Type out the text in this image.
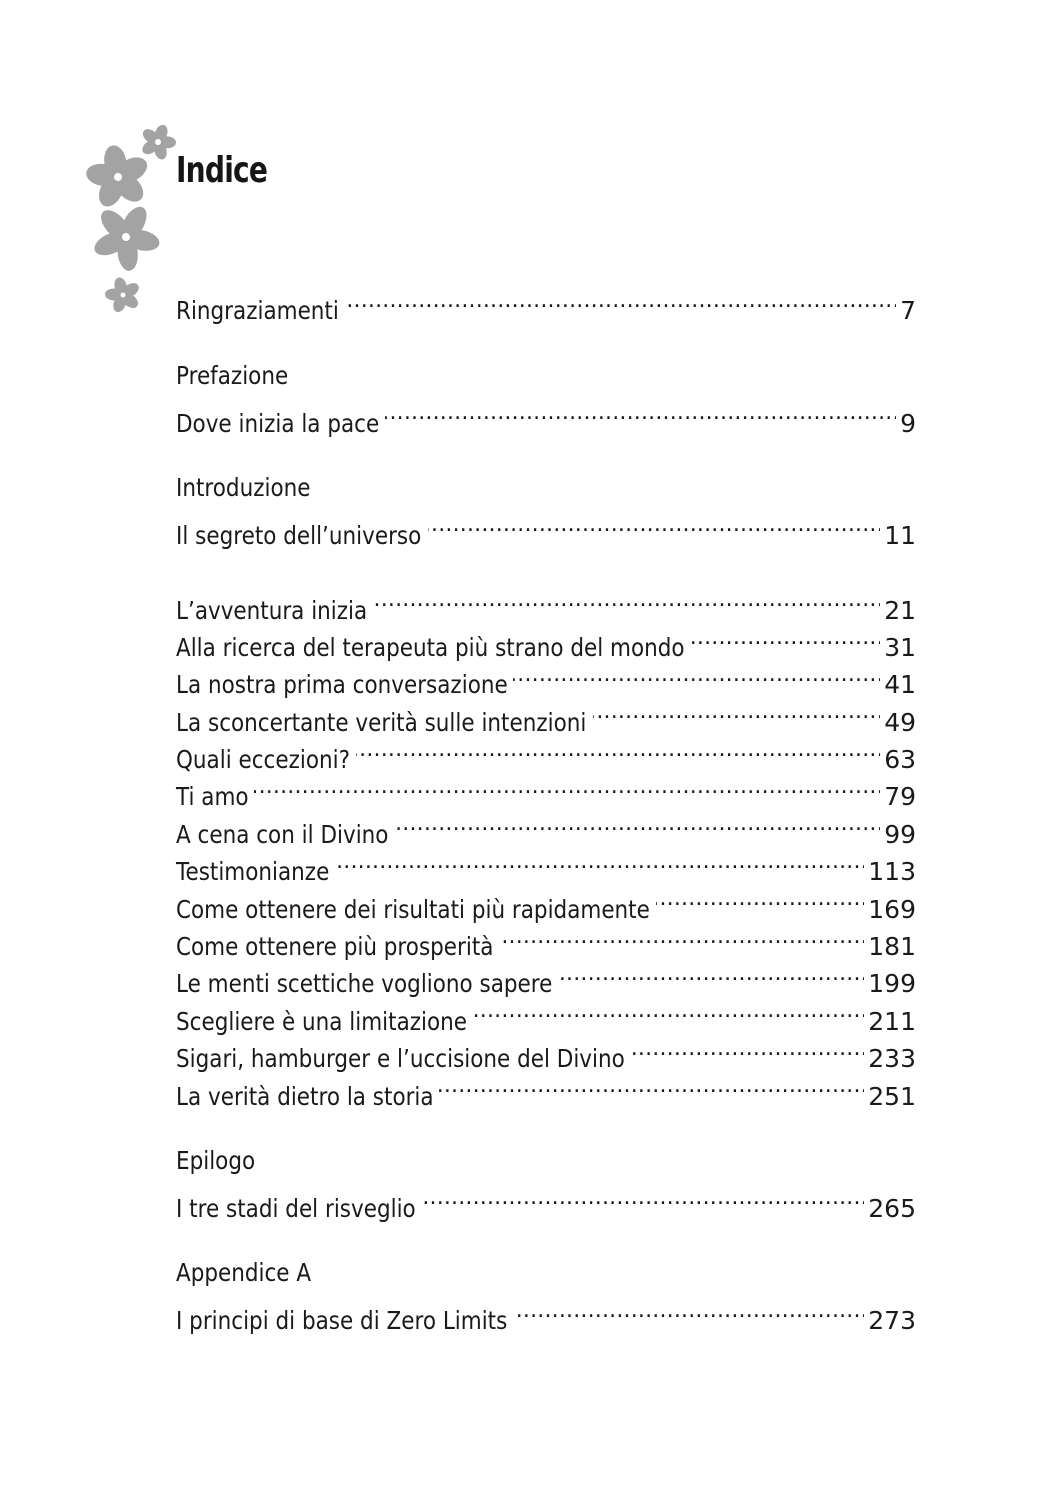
Indice
Ringraziamenti . . .	7
Prefazione
Dove inizia la pace . . .	9
Introduzione
Il segreto dell’universo . . .	11
L’avventura inizia . . .	21
Alla ricerca del terapeuta più strano del mondo . . .	31
La nostra prima conversazione . . .	41
La sconcertante verità sulle intenzioni . . .	49
Quali eccezioni? . . .	63
Ti amo . . .	79
A cena con il Divino . . .	99
Testimonianze . . .	113
Come ottenere dei risultati più rapidamente . . .	169
Come ottenere più prosperità . . .	181
Le menti scettiche vogliono sapere . . .	199
Scegliere è una limitazione . . .	211
Sigari, hamburger e l’uccisione del Divino . . .	233
La verità dietro la storia . . .	251
Epilogo
I tre stadi del risveglio . . .	265
Appendice A
I principi di base di Zero Limits . . .	273
